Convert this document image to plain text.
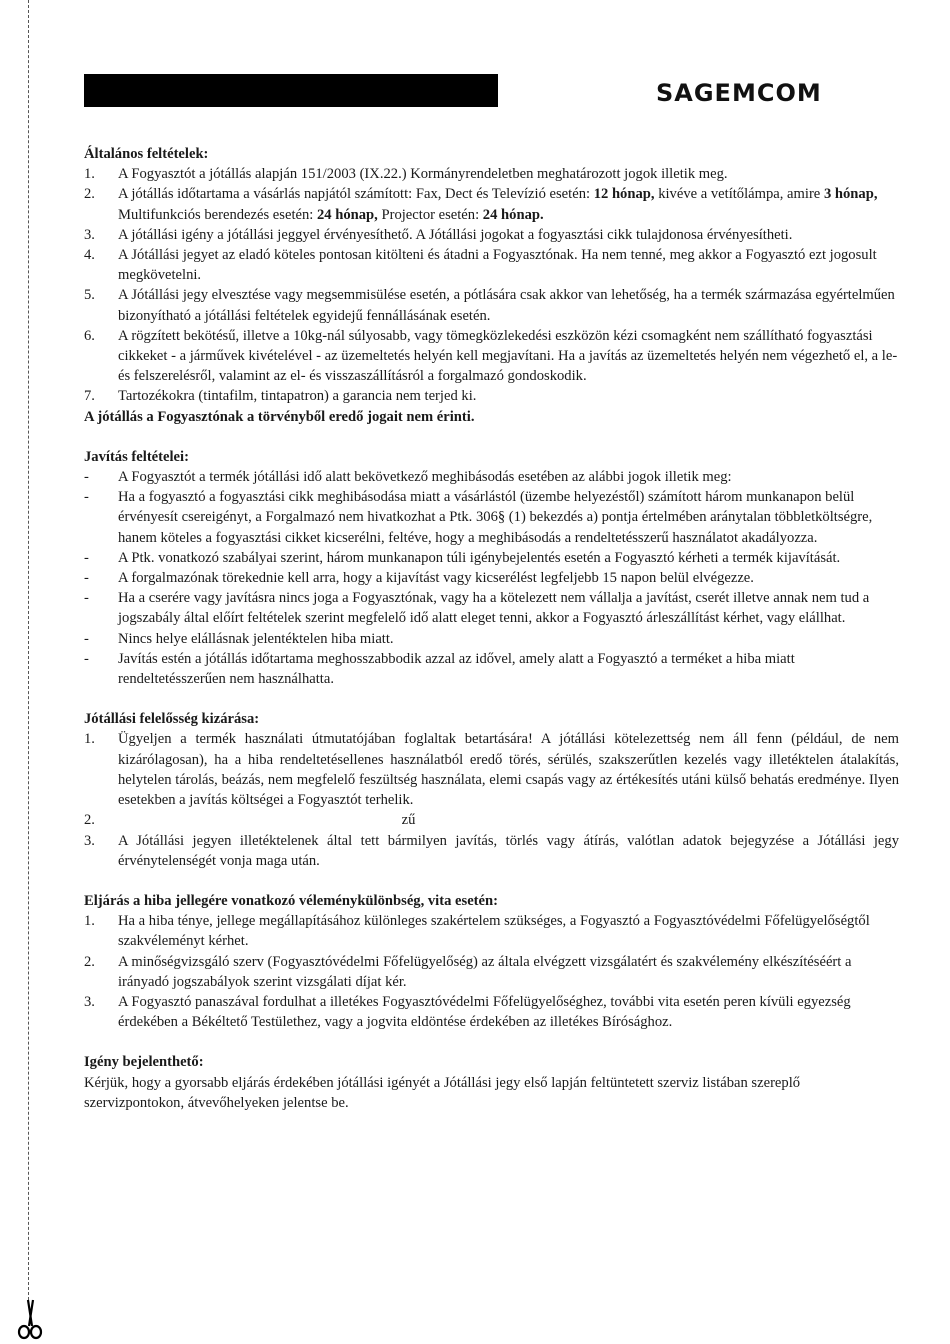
SAGEMCOM

Általános feltételek:

1.	A Fogyasztót a jótállás alapján 151/2003 (IX.22.) Kormányrendeletben meghatározott jogok illetik meg.
2.	A jótállás időtartama a vásárlás napjától számított: Fax, Dect és Televízió esetén: 12 hónap, kivéve a vetítőlámpa, amire 3 hónap, Multifunkciós berendezés esetén: 24 hónap, Projector esetén: 24 hónap.
3.	A jótállási igény a jótállási jeggyel érvényesíthető. A Jótállási jogokat a fogyasztási cikk tulajdonosa érvényesítheti.
4.	A Jótállási jegyet az eladó köteles pontosan kitölteni és átadni a Fogyasztónak. Ha nem tenné, meg akkor a Fogyasztó ezt jogosult megkövetelni.
5.	A Jótállási jegy elvesztése vagy megsemmisülése esetén, a pótlására csak akkor van lehetőség, ha a termék származása egyértelműen bizonyítható a jótállási feltételek egyidejű fennállásának esetén.
6.	A rögzített bekötésű, illetve a 10kg-nál súlyosabb, vagy tömegközlekedési eszközön kézi csomagként nem szállítható fogyasztási cikkeket - a járművek kivételével - az üzemeltetés helyén kell megjavítani. Ha a javítás az üzemeltetés helyén nem végezhető el, a le- és felszerelésről, valamint az el- és visszaszállításról a forgalmazó gondoskodik.
7.	Tartozékokra (tintafilm, tintapatron) a garancia nem terjed ki.

A jótállás a Fogyasztónak a törvényből eredő jogait nem érinti.

Javítás feltételei:

-	A Fogyasztót a termék jótállási idő alatt bekövetkező meghibásodás esetében az alábbi jogok illetik meg:
-	Ha a fogyasztó a fogyasztási cikk meghibásodása miatt a vásárlástól (üzembe helyezéstől) számított három munkanapon belül érvényesít csereigényt, a Forgalmazó nem hivatkozhat a Ptk. 306§ (1) bekezdés a) pontja értelmében aránytalan többletköltségre, hanem köteles a fogyasztási cikket kicserélni, feltéve, hogy a meghibásodás a rendeltetésszerű használatot akadályozza.
-	A Ptk. vonatkozó szabályai szerint, három munkanapon túli igénybejelentés esetén a Fogyasztó kérheti a termék kijavítását.
-	A forgalmazónak törekednie kell arra, hogy a kijavítást vagy kicserélést legfeljebb 15 napon belül elvégezze.
-	Ha a cserére vagy javításra nincs joga a Fogyasztónak, vagy ha a kötelezett nem vállalja a javítást, cserét illetve annak nem tud a jogszabály által előírt feltételek szerint megfelelő idő alatt eleget tenni, akkor a Fogyasztó árleszállítást kérhet, vagy elállhat.
-	Nincs helye elállásnak jelentéktelen hiba miatt.
-	Javítás estén a jótállás időtartama meghosszabbodik azzal az idővel, amely alatt a Fogyasztó a terméket a hiba miatt rendeltetésszerűen nem használhatta.

Jótállási felelősség kizárása:

1.	Ügyeljen a termék használati útmutatójában foglaltak betartására! A jótállási kötelezettség nem áll fenn (például, de nem kizárólagosan), ha a hiba rendeltetésellenes használatból eredő törés, sérülés, szakszerűtlen kezelés vagy illetéktelen átalakítás, helytelen tárolás, beázás, nem megfelelő feszültség használata, elemi csapás vagy az értékesítés utáni külső behatás eredménye. Ilyen esetekben a javítás költségei a Fogyasztót terhelik.
2.	zű
3.	A Jótállási jegyen illetéktelenek által tett bármilyen javítás, törlés vagy átírás, valótlan adatok bejegyzése a Jótállási jegy érvénytelenségét vonja maga után.

Eljárás a hiba jellegére vonatkozó véleménykülönbség, vita esetén:

1.	Ha a hiba ténye, jellege megállapításához különleges szakértelem szükséges, a Fogyasztó a Fogyasztóvédelmi Főfelügyelőségtől szakvéleményt kérhet.
2.	A minőségvizsgáló szerv (Fogyasztóvédelmi Főfelügyelőség) az általa elvégzett vizsgálatért és szakvélemény elkészítéséért a irányadó jogszabályok szerint vizsgálati díjat kér.
3.	A Fogyasztó panaszával fordulhat a illetékes Fogyasztóvédelmi Főfelügyelőséghez, további vita esetén peren kívüli egyezség érdekében a Békéltető Testülethez, vagy a jogvita eldöntése érdekében az illetékes Bírósághoz.

Igény bejelenthető:

Kérjük, hogy a gyorsabb eljárás érdekében jótállási igényét a Jótállási jegy első lapján feltüntetett szerviz listában szereplő szervizpontokon, átvevőhelyeken jelentse be.
